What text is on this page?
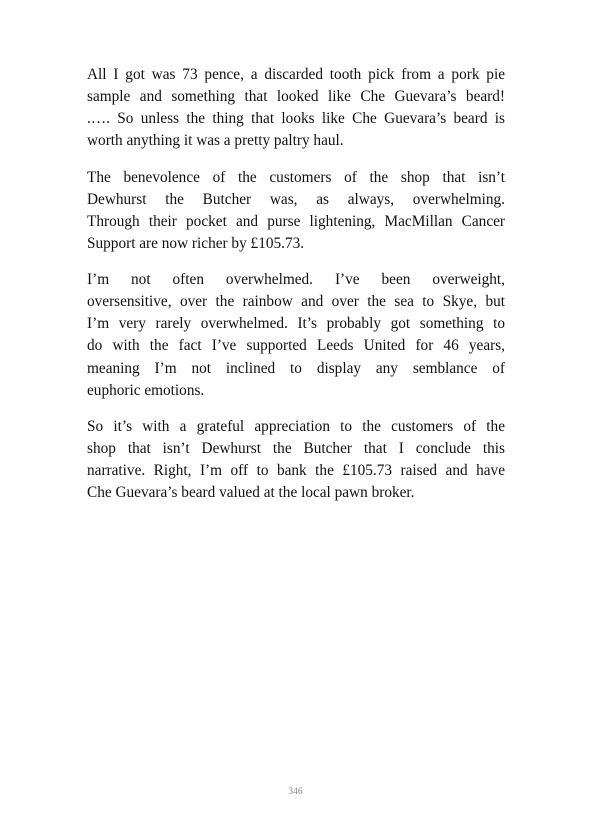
All I got was 73 pence, a discarded tooth pick from a pork pie
sample and something that looked like Che Guevara’s beard!
.…. So unless the thing that looks like Che Guevara’s beard is
worth anything it was a pretty paltry haul.

The benevolence of the customers of the shop that isn’t
Dewhurst the Butcher was, as always, overwhelming.
Through their pocket and purse lightening, MacMillan Cancer
Support are now richer by £105.73.

I’m not often overwhelmed. I’ve been overweight,
oversensitive, over the rainbow and over the sea to Skye, but
I’m very rarely overwhelmed. It’s probably got something to
do with the fact I’ve supported Leeds United for 46 years,
meaning I’m not inclined to display any semblance of
euphoric emotions.

So it’s with a grateful appreciation to the customers of the
shop that isn’t Dewhurst the Butcher that I conclude this
narrative. Right, I’m off to bank the £105.73 raised and have
Che Guevara’s beard valued at the local pawn broker.

346
